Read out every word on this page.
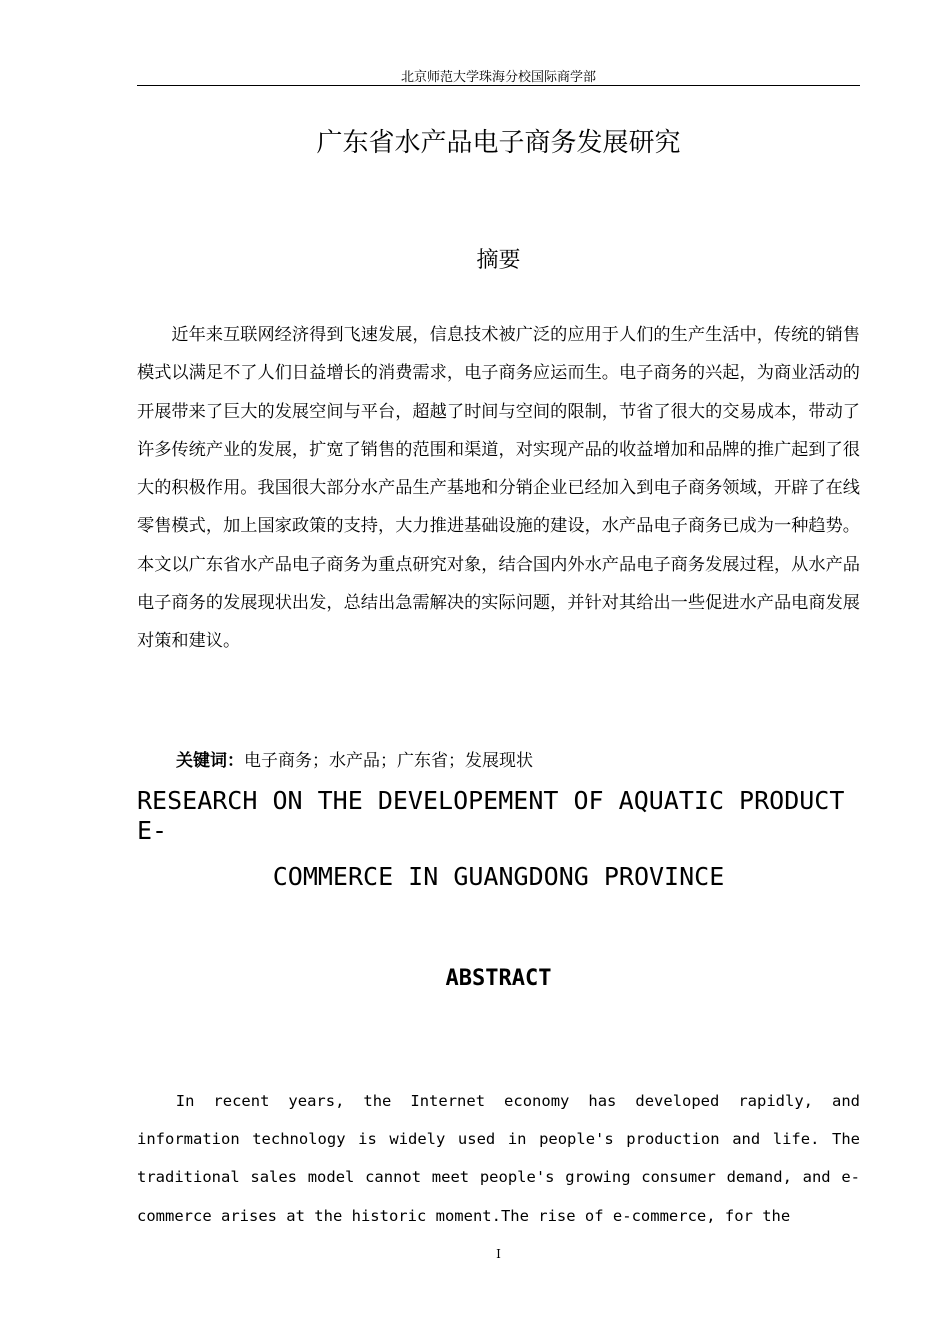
北京师范大学珠海分校国际商学部
广东省水产品电子商务发展研究
摘要

近年来互联网经济得到飞速发展，信息技术被广泛的应用于人们的生产生活中，传统的销售模式以满足不了人们日益增长的消费需求，电子商务应运而生。电子商务的兴起，为商业活动的开展带来了巨大的发展空间与平台，超越了时间与空间的限制，节省了很大的交易成本，带动了许多传统产业的发展，扩宽了销售的范围和渠道，对实现产品的收益增加和品牌的推广起到了很大的积极作用。我国很大部分水产品生产基地和分销企业已经加入到电子商务领域，开辟了在线零售模式，加上国家政策的支持，大力推进基础设施的建设，水产品电子商务已成为一种趋势。本文以广东省水产品电子商务为重点研究对象，结合国内外水产品电子商务发展过程，从水产品电子商务的发展现状出发，总结出急需解决的实际问题，并针对其给出一些促进水产品电商发展对策和建议。

关键词：电子商务；水产品；广东省；发展现状
RESEARCH ON THE DEVELOPEMENT OF AQUATIC PRODUCT E-
COMMERCE IN GUANGDONG PROVINCE
ABSTRACT

In recent years, the Internet economy has developed rapidly, and information technology is widely used in people's production and life. The traditional sales model cannot meet people's growing consumer demand, and e-commerce arises at the historic moment.The rise of e-commerce, for the

I
